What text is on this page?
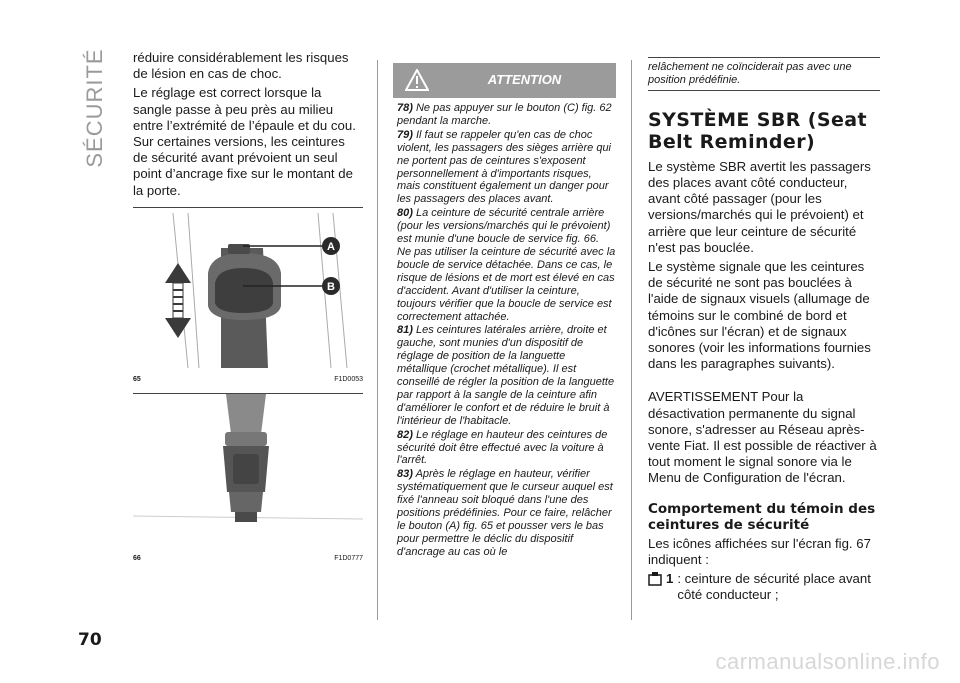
SÉCURITÉ réduire considérablement les risques de lésion en cas de choc.

Le réglage est correct lorsque la sangle passe à peu près au milieu entre l’extrémité de l’épaule et du cou. Sur certaines versions, les ceintures de sécurité avant prévoient un seul point d’ancrage fixe sur le montant de la porte.

A
B
65	F1D0053
66	F1D0777
ATTENTION

78) Ne pas appuyer sur le bouton (C) fig. 62 pendant la marche.

79) Il faut se rappeler qu'en cas de choc violent, les passagers des sièges arrière qui ne portent pas de ceintures s'exposent personnellement à d'importants risques, mais constituent également un danger pour les passagers des places avant.

80) La ceinture de sécurité centrale arrière (pour les versions/marchés qui le prévoient) est munie d'une boucle de service fig. 66. Ne pas utiliser la ceinture de sécurité avec la boucle de service détachée. Dans ce cas, le risque de lésions et de mort est élevé en cas d'accident. Avant d'utiliser la ceinture, toujours vérifier que la boucle de service est correctement attachée.

81) Les ceintures latérales arrière, droite et gauche, sont munies d'un dispositif de réglage de position de la languette métallique (crochet métallique). Il est conseillé de régler la position de la languette par rapport à la sangle de la ceinture afin d'améliorer le confort et de réduire le bruit à l'intérieur de l'habitacle.

82) Le réglage en hauteur des ceintures de sécurité doit être effectué avec la voiture à l'arrêt.

83) Après le réglage en hauteur, vérifier systématiquement que le curseur auquel est fixé l'anneau soit bloqué dans l'une des positions prédéfinies. Pour ce faire, relâcher le bouton (A) fig. 65 et pousser vers le bas pour permettre le déclic du dispositif d'ancrage au cas où le

relâchement ne coïnciderait pas avec une position prédéfinie.

SYSTÈME SBR (Seat
Belt Reminder)

Le système SBR avertit les passagers des places avant côté conducteur, avant côté passager (pour les versions/marchés qui le prévoient) et arrière que leur ceinture de sécurité n'est pas bouclée.

Le système signale que les ceintures de sécurité ne sont pas bouclées à l'aide de signaux visuels (allumage de témoins sur le combiné de bord et d'icônes sur l'écran) et de signaux sonores (voir les informations fournies dans les paragraphes suivants).

AVERTISSEMENT Pour la désactivation permanente du signal sonore, s'adresser au Réseau après-vente Fiat. Il est possible de réactiver à tout moment le signal sonore via le Menu de Configuration de l'écran.

Comportement du témoin des
ceintures de sécurité

Les icônes affichées sur l'écran fig. 67 indiquent :

1 : ceinture de sécurité place avant côté conducteur ;
70
carmanualsonline.info
